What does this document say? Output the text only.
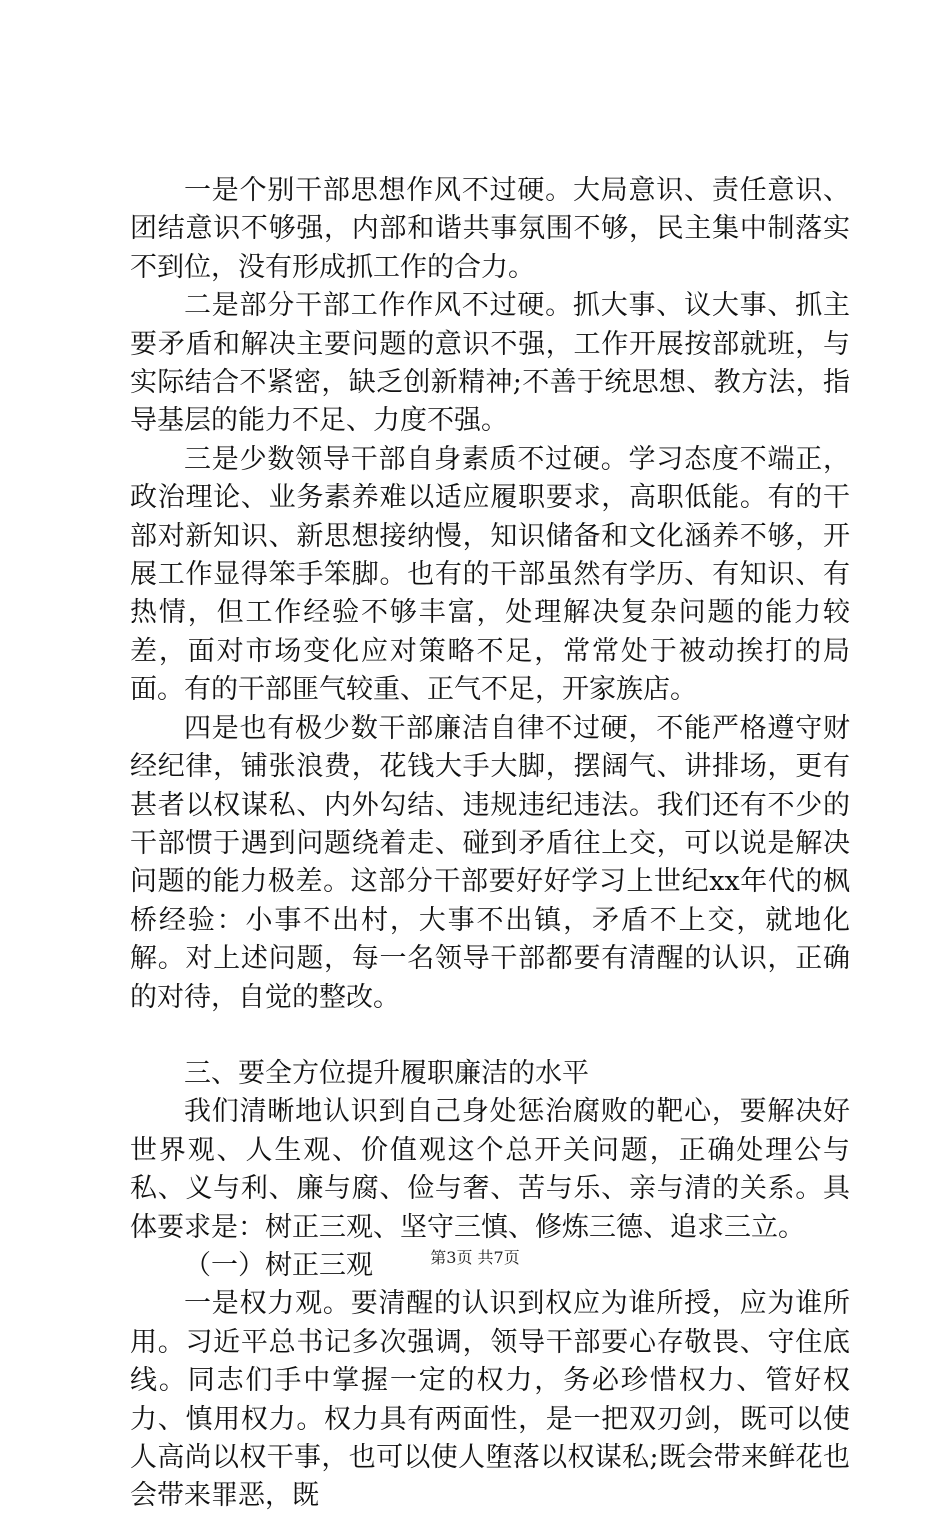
一是个别干部思想作风不过硬。大局意识、责任意识、团结意识不够强，内部和谐共事氛围不够，民主集中制落实不到位，没有形成抓工作的合力。

二是部分干部工作作风不过硬。抓大事、议大事、抓主要矛盾和解决主要问题的意识不强，工作开展按部就班，与实际结合不紧密，缺乏创新精神;不善于统思想、教方法，指导基层的能力不足、力度不强。

三是少数领导干部自身素质不过硬。学习态度不端正，政治理论、业务素养难以适应履职要求，高职低能。有的干部对新知识、新思想接纳慢，知识储备和文化涵养不够，开展工作显得笨手笨脚。也有的干部虽然有学历、有知识、有热情，但工作经验不够丰富，处理解决复杂问题的能力较差，面对市场变化应对策略不足，常常处于被动挨打的局面。有的干部匪气较重、正气不足，开家族店。

四是也有极少数干部廉洁自律不过硬，不能严格遵守财经纪律，铺张浪费，花钱大手大脚，摆阔气、讲排场，更有甚者以权谋私、内外勾结、违规违纪违法。我们还有不少的干部惯于遇到问题绕着走、碰到矛盾往上交，可以说是解决问题的能力极差。这部分干部要好好学习上世纪xx年代的枫桥经验：小事不出村，大事不出镇，矛盾不上交，就地化解。对上述问题，每一名领导干部都要有清醒的认识，正确的对待，自觉的整改。

三、要全方位提升履职廉洁的水平

我们清晰地认识到自己身处惩治腐败的靶心，要解决好世界观、人生观、价值观这个总开关问题，正确处理公与私、义与利、廉与腐、俭与奢、苦与乐、亲与清的关系。具体要求是：树正三观、坚守三慎、修炼三德、追求三立。

（一）树正三观

一是权力观。要清醒的认识到权应为谁所授，应为谁所用。习近平总书记多次强调，领导干部要心存敬畏、守住底线。同志们手中掌握一定的权力，务必珍惜权力、管好权力、慎用权力。权力具有两面性，是一把双刃剑，既可以使人高尚以权干事，也可以使人堕落以权谋私;既会带来鲜花也会带来罪恶，既

第3页 共7页
